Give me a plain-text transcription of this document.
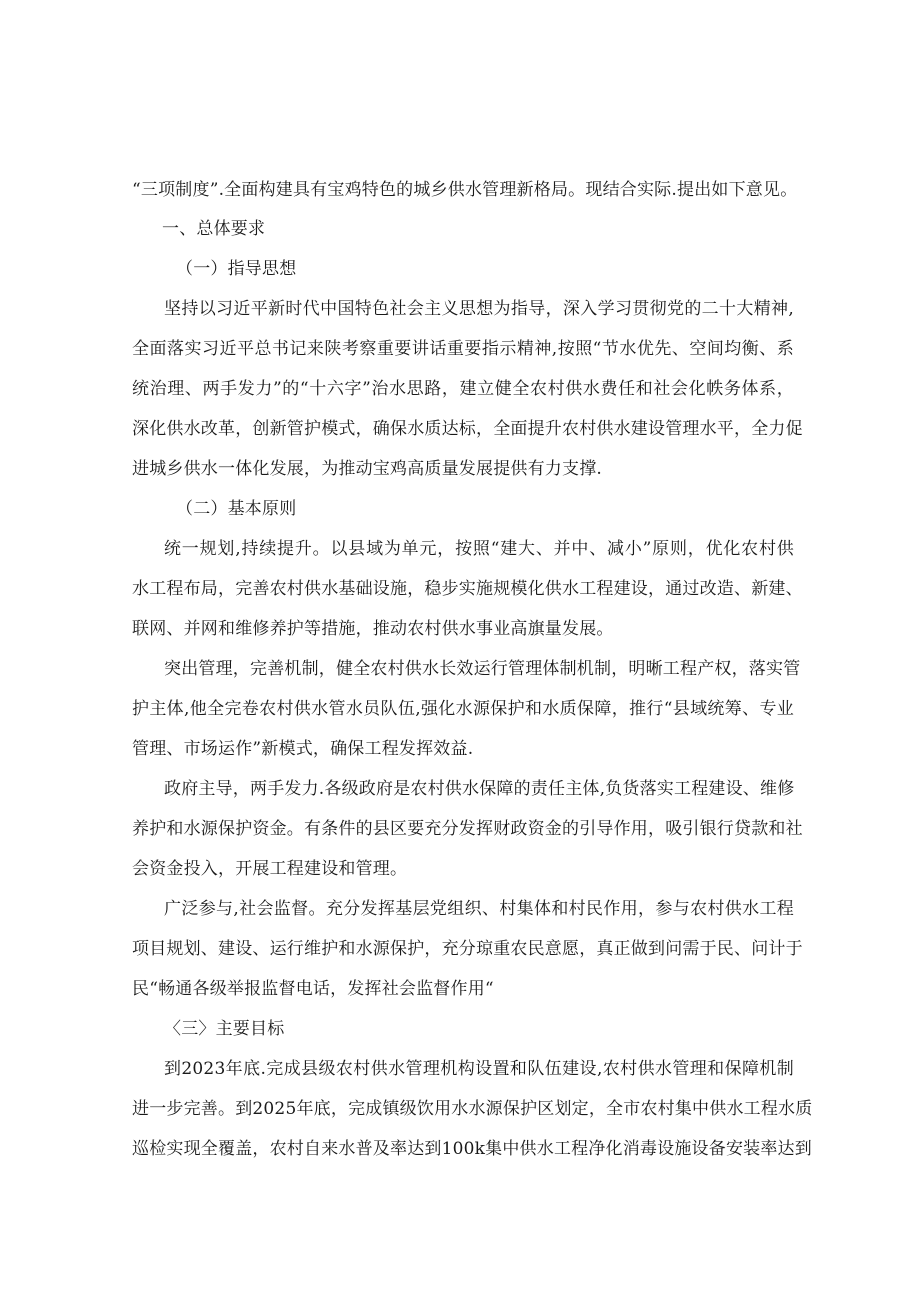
“三项制度”.全面构建具有宝鸡特色的城乡供水管理新格局。现结合实际.提出如下意见。
一、总体要求
（一）指导思想
坚持以习近平新时代中国特色社会主义思想为指导，深入学习贯彻党的二十大精神,
全面落实习近平总书记来陕考察重要讲话重要指示精神,按照“节水优先、空间均衡、系
统治理、两手发力”的“十六字”治水思路，建立健全农村供水费任和社会化帙务体系，
深化供水改革，创新管护模式，确保水质达标，全面提升农村供水建设管理水平，全力促
进城乡供水一体化发展，为推动宝鸡高质量发展提供有力支撑.
（二）基本原则
统一规划,持续提升。以县域为单元，按照“建大、并中、减小”原则，优化农村供
水工程布局，完善农村供水基础设施，稳步实施规模化供水工程建设，通过改造、新建、
联网、并网和维修养护等措施，推动农村供水事业高旗量发展。
突出管理，完善机制，健全农村供水长效运行管理体制机制，明晰工程产权，落实管
护主体,他全完卷农村供水管水员队伍,强化水源保护和水质保障，推行“县域统筹、专业
管理、市场运作”新模式，确保工程发挥效益.
政府主导，两手发力.各级政府是农村供水保障的责任主体,负货落实工程建设、维修
养护和水源保护资金。有条件的县区要充分发挥财政资金的引导作用，吸引银行贷款和社
会资金投入，开展工程建设和管理。
广泛参与,社会监督。充分发挥基层党组织、村集体和村民作用，参与农村供水工程
项目规划、建设、运行维护和水源保护，充分琼重农民意愿，真正做到问需于民、问计于
民“畅通各级举报监督电话，发挥社会监督作用“
〈三〉主要目标
到2023年底.完成县级农村供水管理机构设置和队伍建设,农村供水管理和保障机制
进一步完善。到2025年底，完成镇级饮用水水源保护区划定，全市农村集中供水工程水质
巡检实现全覆盖，农村自来水普及率达到100k集中供水工程净化消毒设施设备安装率达到
